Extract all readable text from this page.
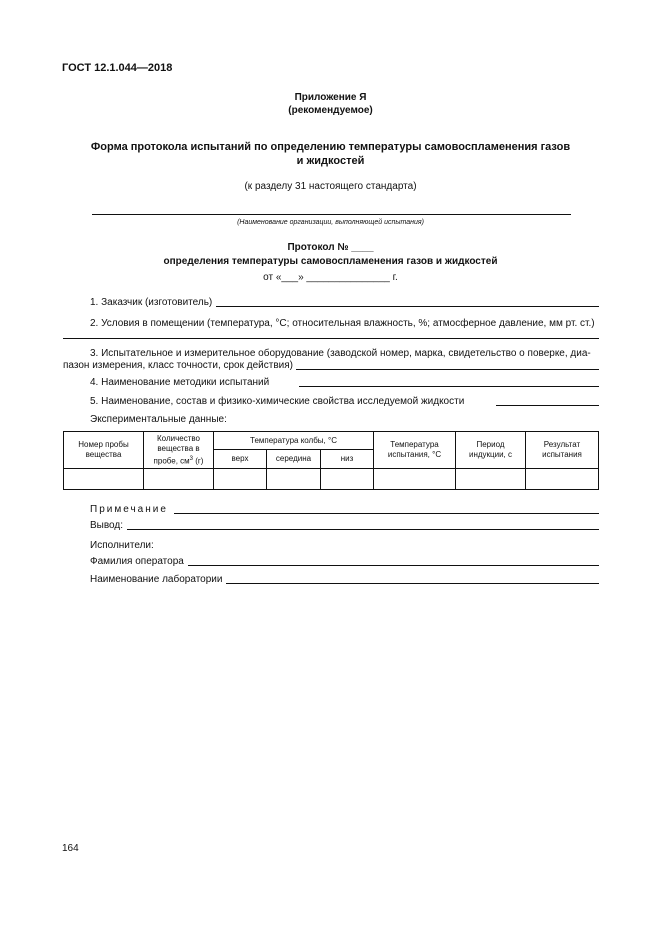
ГОСТ 12.1.044—2018
Приложение Я
(рекомендуемое)
Форма протокола испытаний по определению температуры самовоспламенения газов
и жидкостей
(к разделу 31 настоящего стандарта)
(Наименование организации, выполняющей испытания)
Протокол № ____
определения температуры самовоспламенения газов и жидкостей
от «___» _______________ г.
1. Заказчик (изготовитель)
2. Условия в помещении (температура, °С; относительная влажность, %; атмосферное давление, мм рт. ст.)
3. Испытательное и измерительное оборудование (заводской номер, марка, свидетельство о поверке, диа-
пазон измерения, класс точности, срок действия)
4. Наименование методики испытаний
5. Наименование, состав и физико-химические свойства исследуемой жидкости
Экспериментальные данные:
Номер пробы вещества	Количество вещества в пробе, $см^3$ (г)	Температура колбы, °С			Температура испытания, °С	Период индукции, с	Результат испытания
		верх	середина	низ			

Примечание
Вывод:
Исполнители:
Фамилия оператора
Наименование лаборатории
164
